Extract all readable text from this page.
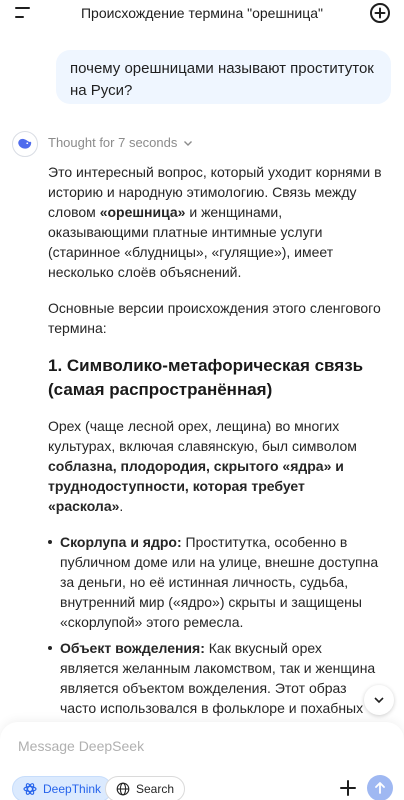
Происхождение термина "орешница"
почему орешницами называют проституток на Руси?
Thought for 7 seconds

Это интересный вопрос, который уходит корнями в историю и народную этимологию. Связь между словом «орешница» и женщинами, оказывающими платные интимные услуги (старинное «блудницы», «гулящие»), имеет несколько слоёв объяснений.

Основные версии происхождения этого сленгового термина:

1. Символико-метафорическая связь (самая распространённая)

Орех (чаще лесной орех, лещина) во многих культурах, включая славянскую, был символом соблазна, плодородия, скрытого «ядра» и труднодоступности, которая требует «раскола».

Скорлупа и ядро: Проститутка, особенно в публичном доме или на улице, внешне доступна за деньги, но её истинная личность, судьба, внутренний мир («ядро») скрыты и защищены «скорлупой» этого ремесла.
Объект вожделения: Как вкусный орех является желанным лакомством, так и женщина является объектом вожделения. Этот образ часто использовался в фольклоре и похабных
Message DeepSeek
DeepThink	Search
